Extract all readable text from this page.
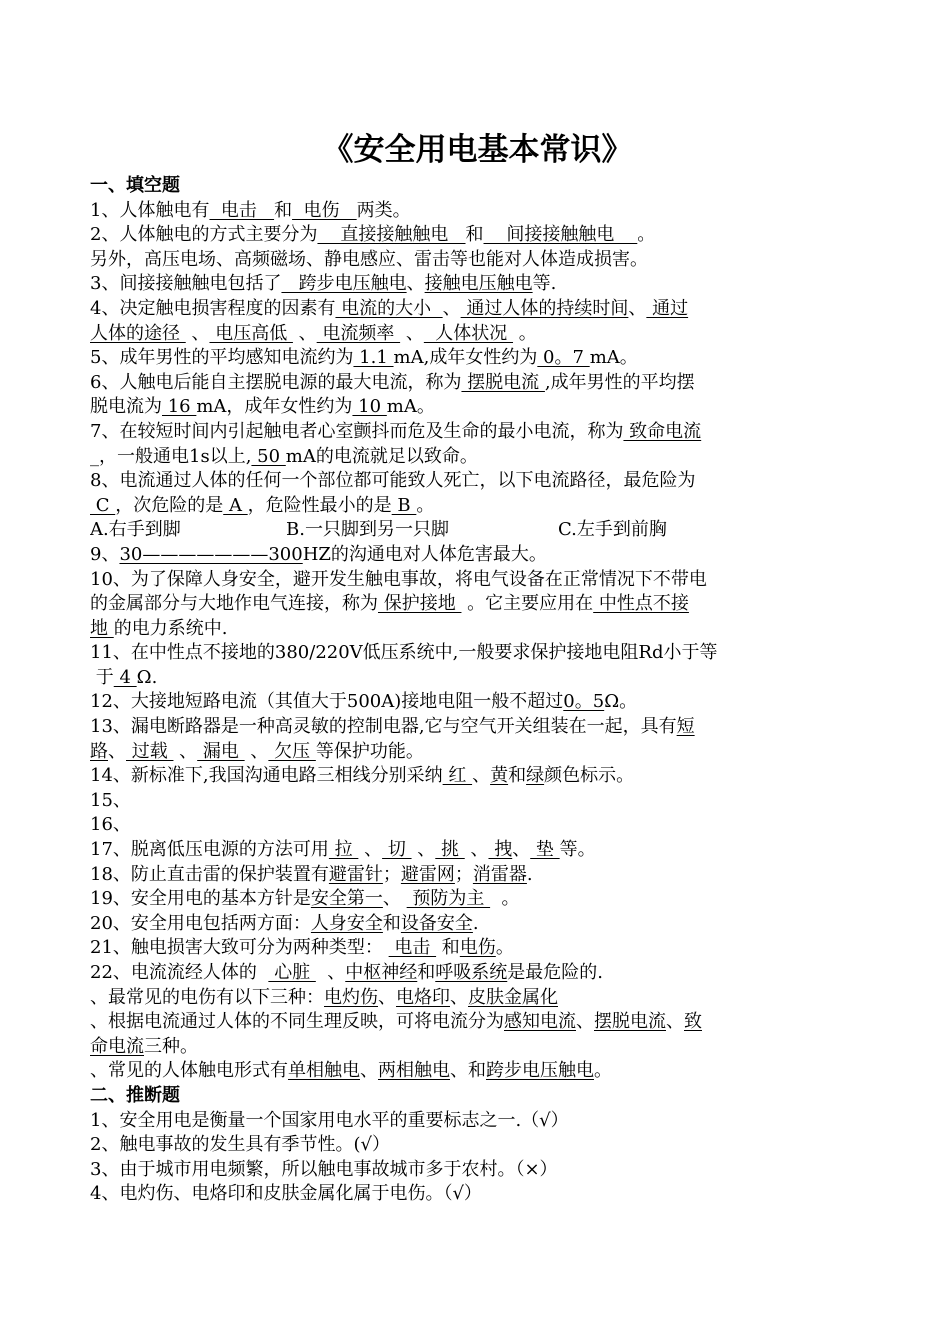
《安全用电基本常识》
一、填空题
1、人体触电有  电击   和  电伤   两类。
2、人体触电的方式主要分为    直接接触触电   和    间接接触触电    。
另外，高压电场、高频磁场、静电感应、雷击等也能对人体造成损害。
3、间接接触触电包括了   跨步电压触电、接触电压触电等.
4、决定触电损害程度的因素有 电流的大小  、 通过人体的持续时间、 通过
人体的途径  、 电压高低  、 电流频率  、  人体状况  。
5、成年男性的平均感知电流约为 1.1 mA,成年女性约为 0。7 mA。
6、人触电后能自主摆脱电源的最大电流，称为 摆脱电流 ,成年男性的平均摆
脱电流为 16 mA，成年女性约为 10 mA。
7、在较短时间内引起触电者心室颤抖而危及生命的最小电流，称为 致命电流
_，一般通电1s以上, 50 mA的电流就足以致命。
8、电流通过人体的任何一个部位都可能致人死亡，以下电流路径，最危险为
C ，次危险的是 A ，危险性最小的是 B 。
A.右手到脚	B.一只脚到另一只脚	C.左手到前胸
9、30———————300HZ的沟通电对人体危害最大。
10、为了保障人身安全，避开发生触电事故，将电气设备在正常情况下不带电
的金属部分与大地作电气连接，称为 保护接地  。它主要应用在 中性点不接
地 的电力系统中.
11、在中性点不接地的380/220V低压系统中,一般要求保护接地电阻Rd小于等
于 4 Ω.
12、大接地短路电流（其值大于500A)接地电阻一般不超过0。5Ω。
13、漏电断路器是一种高灵敏的控制电器,它与空气开关组装在一起，具有短
路、 过载  、 漏电  、 欠压 等保护功能。
14、新标准下,我国沟通电路三相线分别采纳 红 、黄和绿颜色标示。
15、
16、
17、脱离低压电源的方法可用 拉  、 切  、 挑  、 拽、 垫 等。
18、防止直击雷的保护装置有避雷针；避雷网；消雷器.
19、安全用电的基本方针是安全第一、  预防为主   。
20、安全用电包括两方面：人身安全和设备安全.
21、触电损害大致可分为两种类型：  电击  和电伤。
22、电流流经人体的   心脏   、中枢神经和呼吸系统是最危险的.
、最常见的电伤有以下三种：电灼伤、电烙印、皮肤金属化
、根据电流通过人体的不同生理反映，可将电流分为感知电流、摆脱电流、致
命电流三种。
、常见的人体触电形式有单相触电、两相触电、和跨步电压触电。
二、推断题
1、安全用电是衡量一个国家用电水平的重要标志之一.（√）
2、触电事故的发生具有季节性。(√）
3、由于城市用电频繁，所以触电事故城市多于农村。（×）
4、电灼伤、电烙印和皮肤金属化属于电伤。（√）
